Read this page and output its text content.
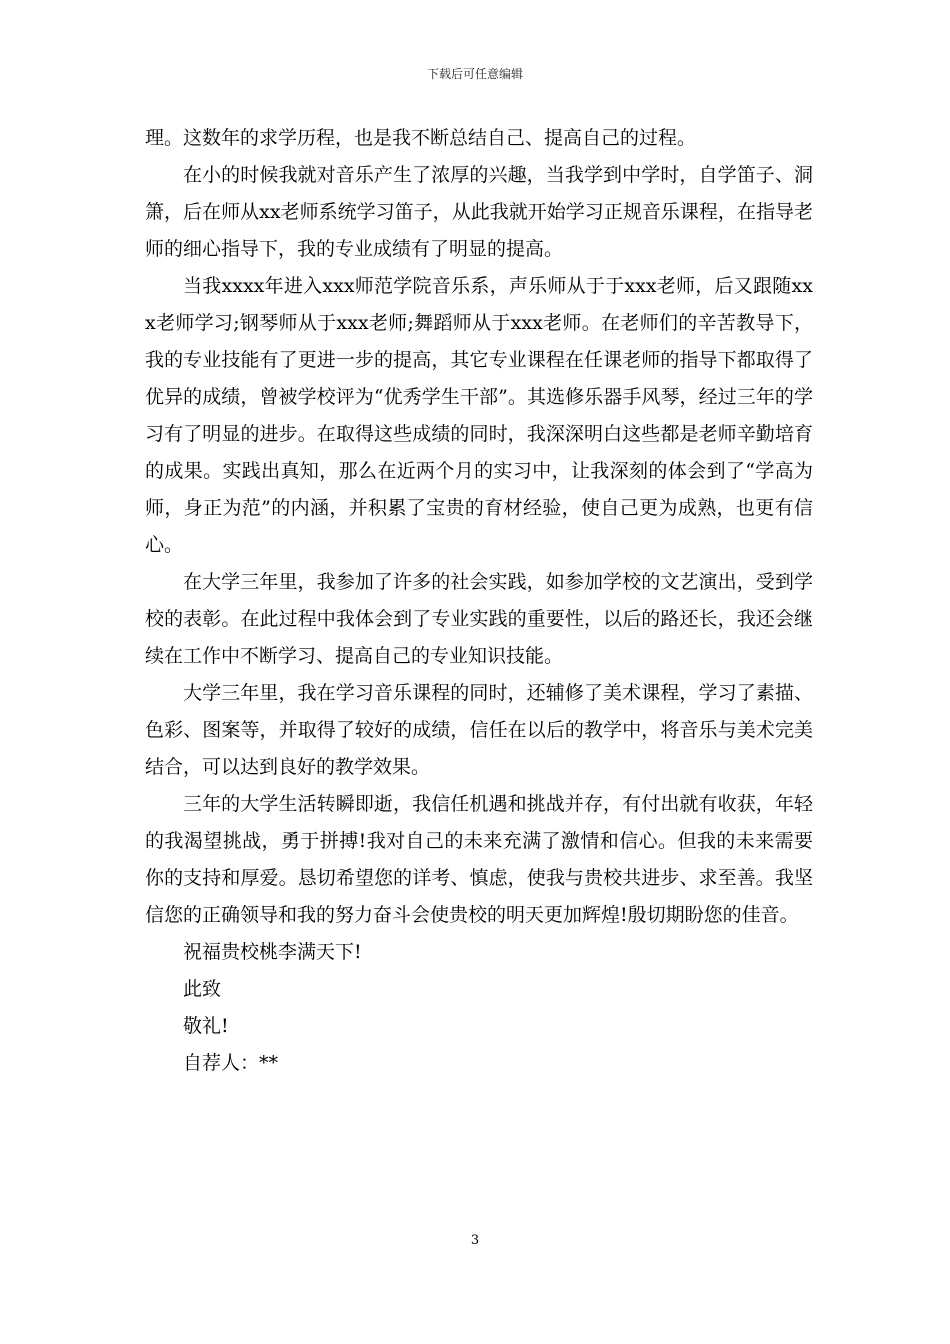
下载后可任意编辑

理。这数年的求学历程，也是我不断总结自己、提高自己的过程。

在小的时候我就对音乐产生了浓厚的兴趣，当我学到中学时，自学笛子、洞箫，后在师从xx老师系统学习笛子，从此我就开始学习正规音乐课程，在指导老师的细心指导下，我的专业成绩有了明显的提高。

当我xxxx年进入xxx师范学院音乐系，声乐师从于于xxx老师，后又跟随xxx老师学习;钢琴师从于xxx老师;舞蹈师从于xxx老师。在老师们的辛苦教导下，我的专业技能有了更进一步的提高，其它专业课程在任课老师的指导下都取得了优异的成绩，曾被学校评为“优秀学生干部”。其选修乐器手风琴，经过三年的学习有了明显的进步。在取得这些成绩的同时，我深深明白这些都是老师辛勤培育的成果。实践出真知，那么在近两个月的实习中，让我深刻的体会到了“学高为师，身正为范”的内涵，并积累了宝贵的育材经验，使自己更为成熟，也更有信心。

在大学三年里，我参加了许多的社会实践，如参加学校的文艺演出，受到学校的表彰。在此过程中我体会到了专业实践的重要性，以后的路还长，我还会继续在工作中不断学习、提高自己的专业知识技能。

大学三年里，我在学习音乐课程的同时，还辅修了美术课程，学习了素描、色彩、图案等，并取得了较好的成绩，信任在以后的教学中，将音乐与美术完美结合，可以达到良好的教学效果。

三年的大学生活转瞬即逝，我信任机遇和挑战并存，有付出就有收获，年轻的我渴望挑战，勇于拼搏!我对自己的未来充满了激情和信心。但我的未来需要你的支持和厚爱。恳切希望您的详考、慎虑，使我与贵校共进步、求至善。我坚信您的正确领导和我的努力奋斗会使贵校的明天更加辉煌!殷切期盼您的佳音。

祝福贵校桃李满天下!

此致

敬礼!

自荐人：**

3
